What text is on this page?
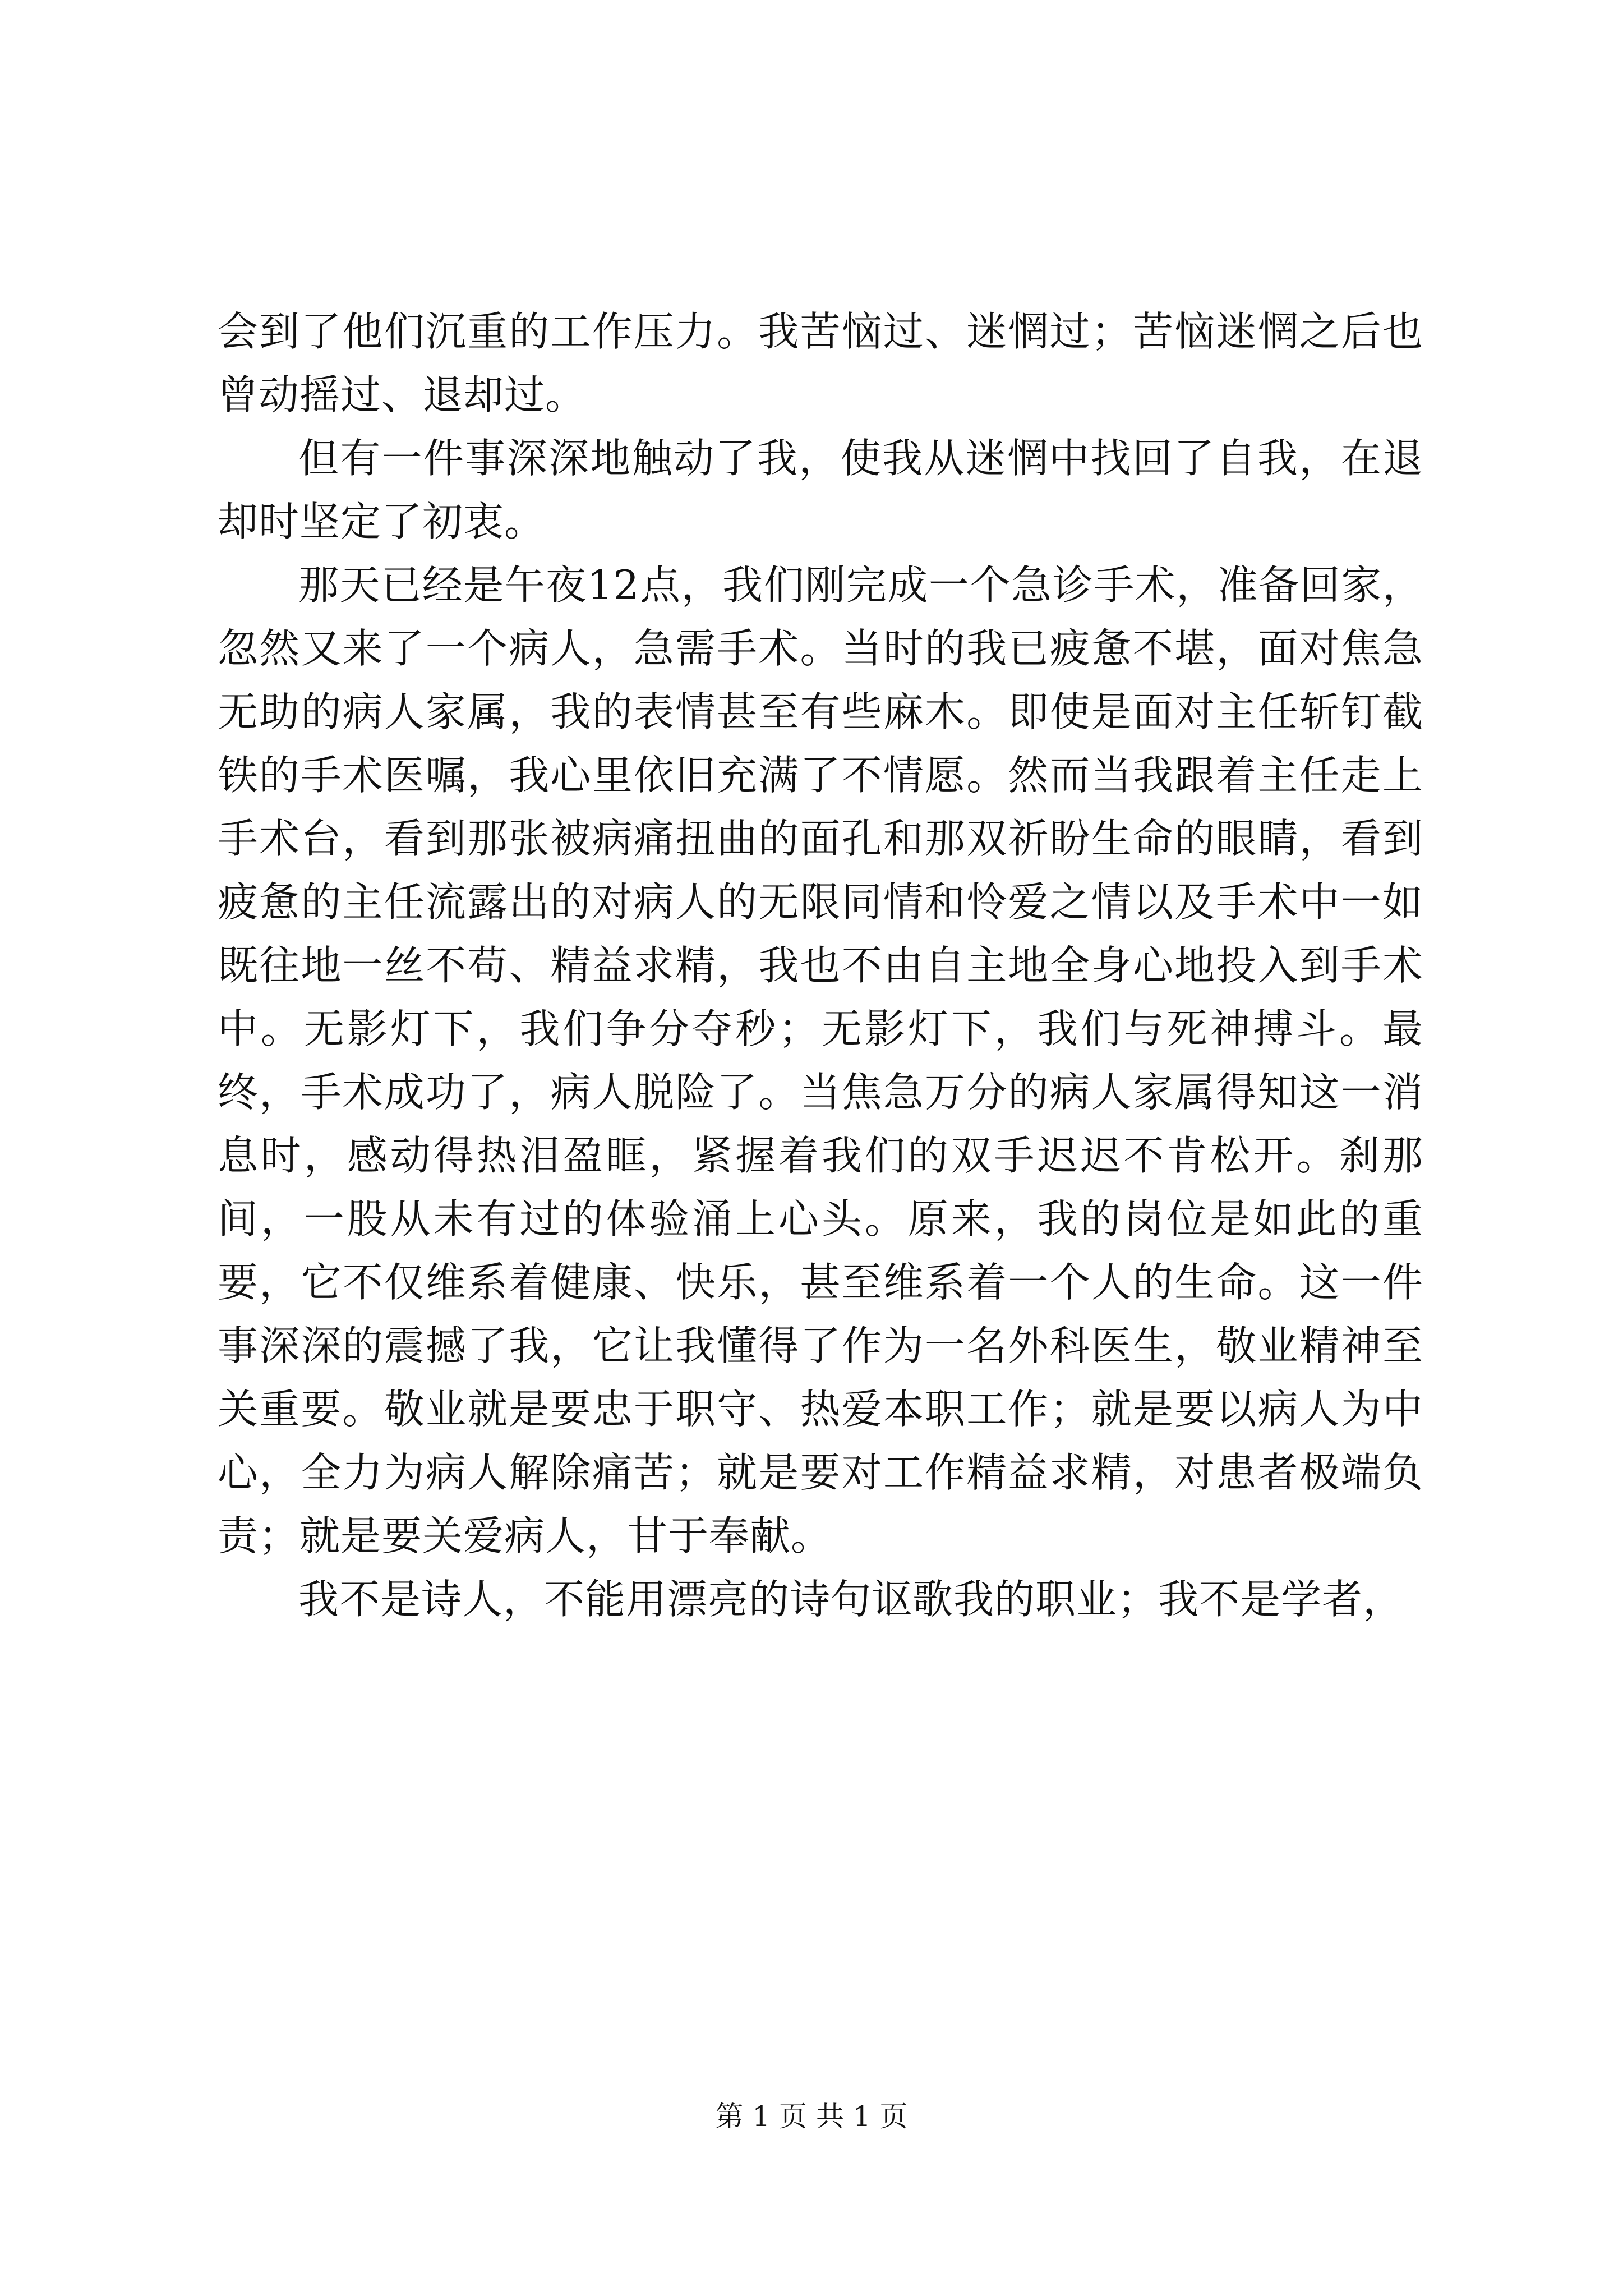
会到了他们沉重的工作压力。我苦恼过、迷惘过；苦恼迷惘之后也曾动摇过、退却过。

但有一件事深深地触动了我，使我从迷惘中找回了自我，在退却时坚定了初衷。

那天已经是午夜12点，我们刚完成一个急诊手术，准备回家，忽然又来了一个病人，急需手术。当时的我已疲惫不堪，面对焦急无助的病人家属，我的表情甚至有些麻木。即使是面对主任斩钉截铁的手术医嘱，我心里依旧充满了不情愿。然而当我跟着主任走上手术台，看到那张被病痛扭曲的面孔和那双祈盼生命的眼睛，看到疲惫的主任流露出的对病人的无限同情和怜爱之情以及手术中一如既往地一丝不苟、精益求精，我也不由自主地全身心地投入到手术中。无影灯下，我们争分夺秒；无影灯下，我们与死神搏斗。最终，手术成功了，病人脱险了。当焦急万分的病人家属得知这一消息时，感动得热泪盈眶，紧握着我们的双手迟迟不肯松开。刹那间，一股从未有过的体验涌上心头。原来，我的岗位是如此的重要，它不仅维系着健康、快乐，甚至维系着一个人的生命。这一件事深深的震撼了我，它让我懂得了作为一名外科医生，敬业精神至关重要。敬业就是要忠于职守、热爱本职工作；就是要以病人为中心，全力为病人解除痛苦；就是要对工作精益求精，对患者极端负责；就是要关爱病人，甘于奉献。

我不是诗人，不能用漂亮的诗句讴歌我的职业；我不是学者，

第 1 页 共 1 页
